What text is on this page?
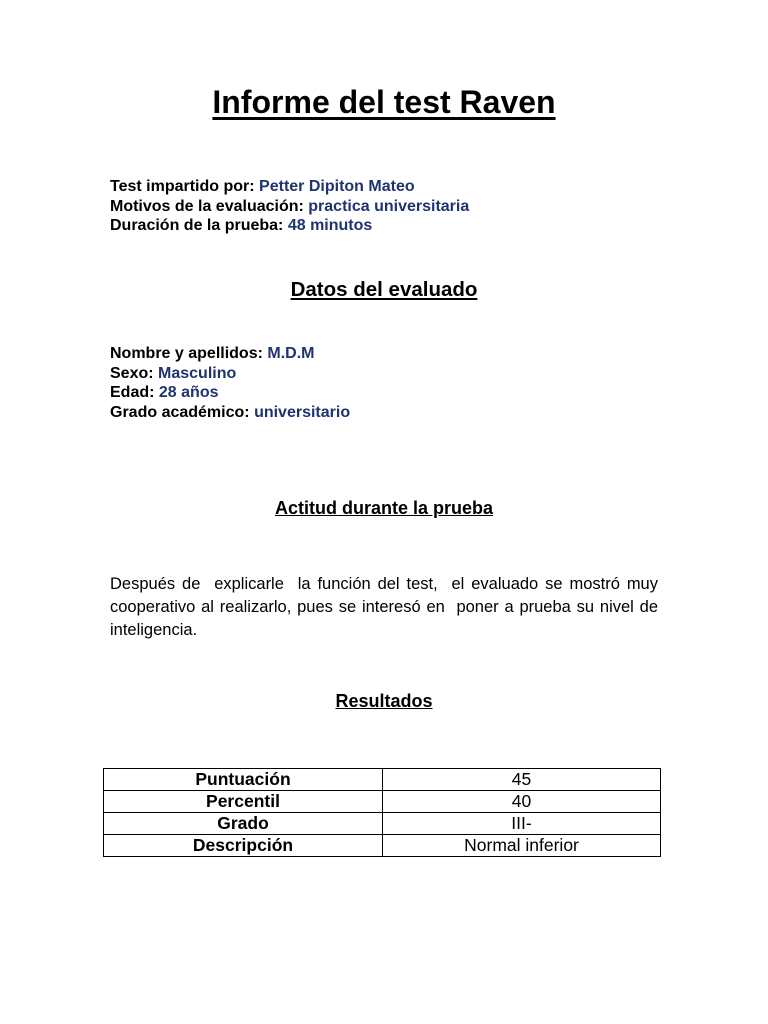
Informe del test Raven
Test impartido por: Petter Dipiton Mateo
Motivos de la evaluación: practica universitaria
Duración de la prueba: 48 minutos
Datos del evaluado
Nombre y apellidos: M.D.M
Sexo: Masculino
Edad: 28 años
Grado académico: universitario
Actitud durante la prueba

Después de  explicarle  la función del test,  el evaluado se mostró muy cooperativo al realizarlo, pues se interesó en  poner a prueba su nivel de inteligencia.

Resultados
Puntuación	45
Percentil	40
Grado	III-
Descripción	Normal inferior
